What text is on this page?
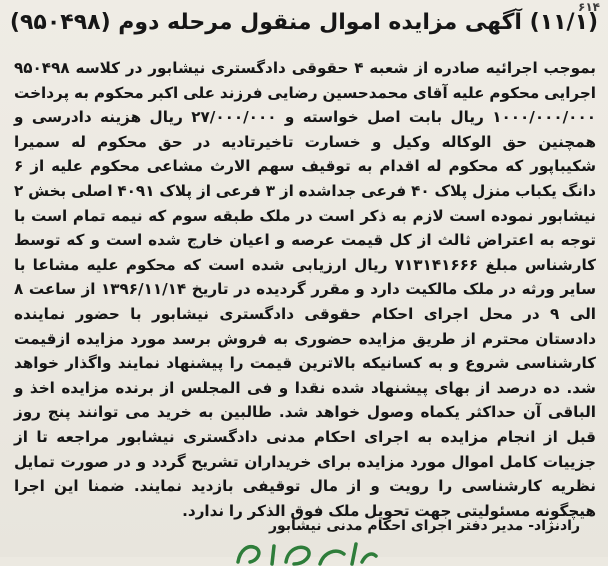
۶۱۴
(۱۱/۱) آگهی مزایده اموال منقول مرحله دوم (۹۵۰۴۹۸)

بموجب اجرائیه صادره از شعبه ۴ حقوقی دادگستری نیشابور در کلاسه ۹۵۰۴۹۸ اجرایی محکوم علیه آقای محمدحسین رضایی فرزند علی اکبر محکوم به پرداخت ۱۰۰۰/۰۰۰/۰۰۰ ریال بابت اصل خواسته و ۲۷/۰۰۰/۰۰۰ ریال هزینه دادرسی و همچنین حق الوکاله وکیل و خسارت تاخیرتادیه در حق محکوم له سمیرا شکیباپور که محکوم له اقدام به توقیف سهم الارث مشاعی محکوم علیه از ۶ دانگ یکباب منزل پلاک ۴۰ فرعی جداشده از ۳ فرعی از پلاک ۴۰۹۱ اصلی بخش ۲ نیشابور نموده است لازم به ذکر است در ملک طبقه سوم که نیمه تمام است با توجه به اعتراض ثالث از کل قیمت عرصه و اعیان خارج شده است و که توسط کارشناس مبلغ ۷۱۳۱۴۱۶۶۶ ریال ارزیابی شده است که محکوم علیه مشاعا با سایر ورثه در ملک مالکیت دارد و مقرر گردیده در تاریخ ۱۳۹۶/۱۱/۱۴ از ساعت ۸ الی ۹ در محل اجرای احکام حقوقی دادگستری نیشابور با حضور نماینده دادستان محترم از طریق مزایده حضوری به فروش برسد مورد مزایده ازقیمت کارشناسی شروع و به کسانیکه بالاترین قیمت را پیشنهاد نمایند واگذار خواهد شد. ده درصد از بهای پیشنهاد شده نقدا و فی المجلس از برنده مزایده اخذ و الباقی آن حداکثر یکماه وصول خواهد شد. طالبین به خرید می توانند پنج روز قبل از انجام مزایده به اجرای احکام مدنی دادگستری نیشابور مراجعه تا از جزییات کامل اموال مورد مزایده برای خریداران تشریح گردد و در صورت تمایل نظریه کارشناسی را رویت و از مال توقیفی بازدید نمایند. ضمنا این اجرا هیچگونه مسئولیتی جهت تحویل ملک فوق الذکر را ندارد.

رادنژاد- مدیر دفتر اجرای احکام مدنی نیشابور
